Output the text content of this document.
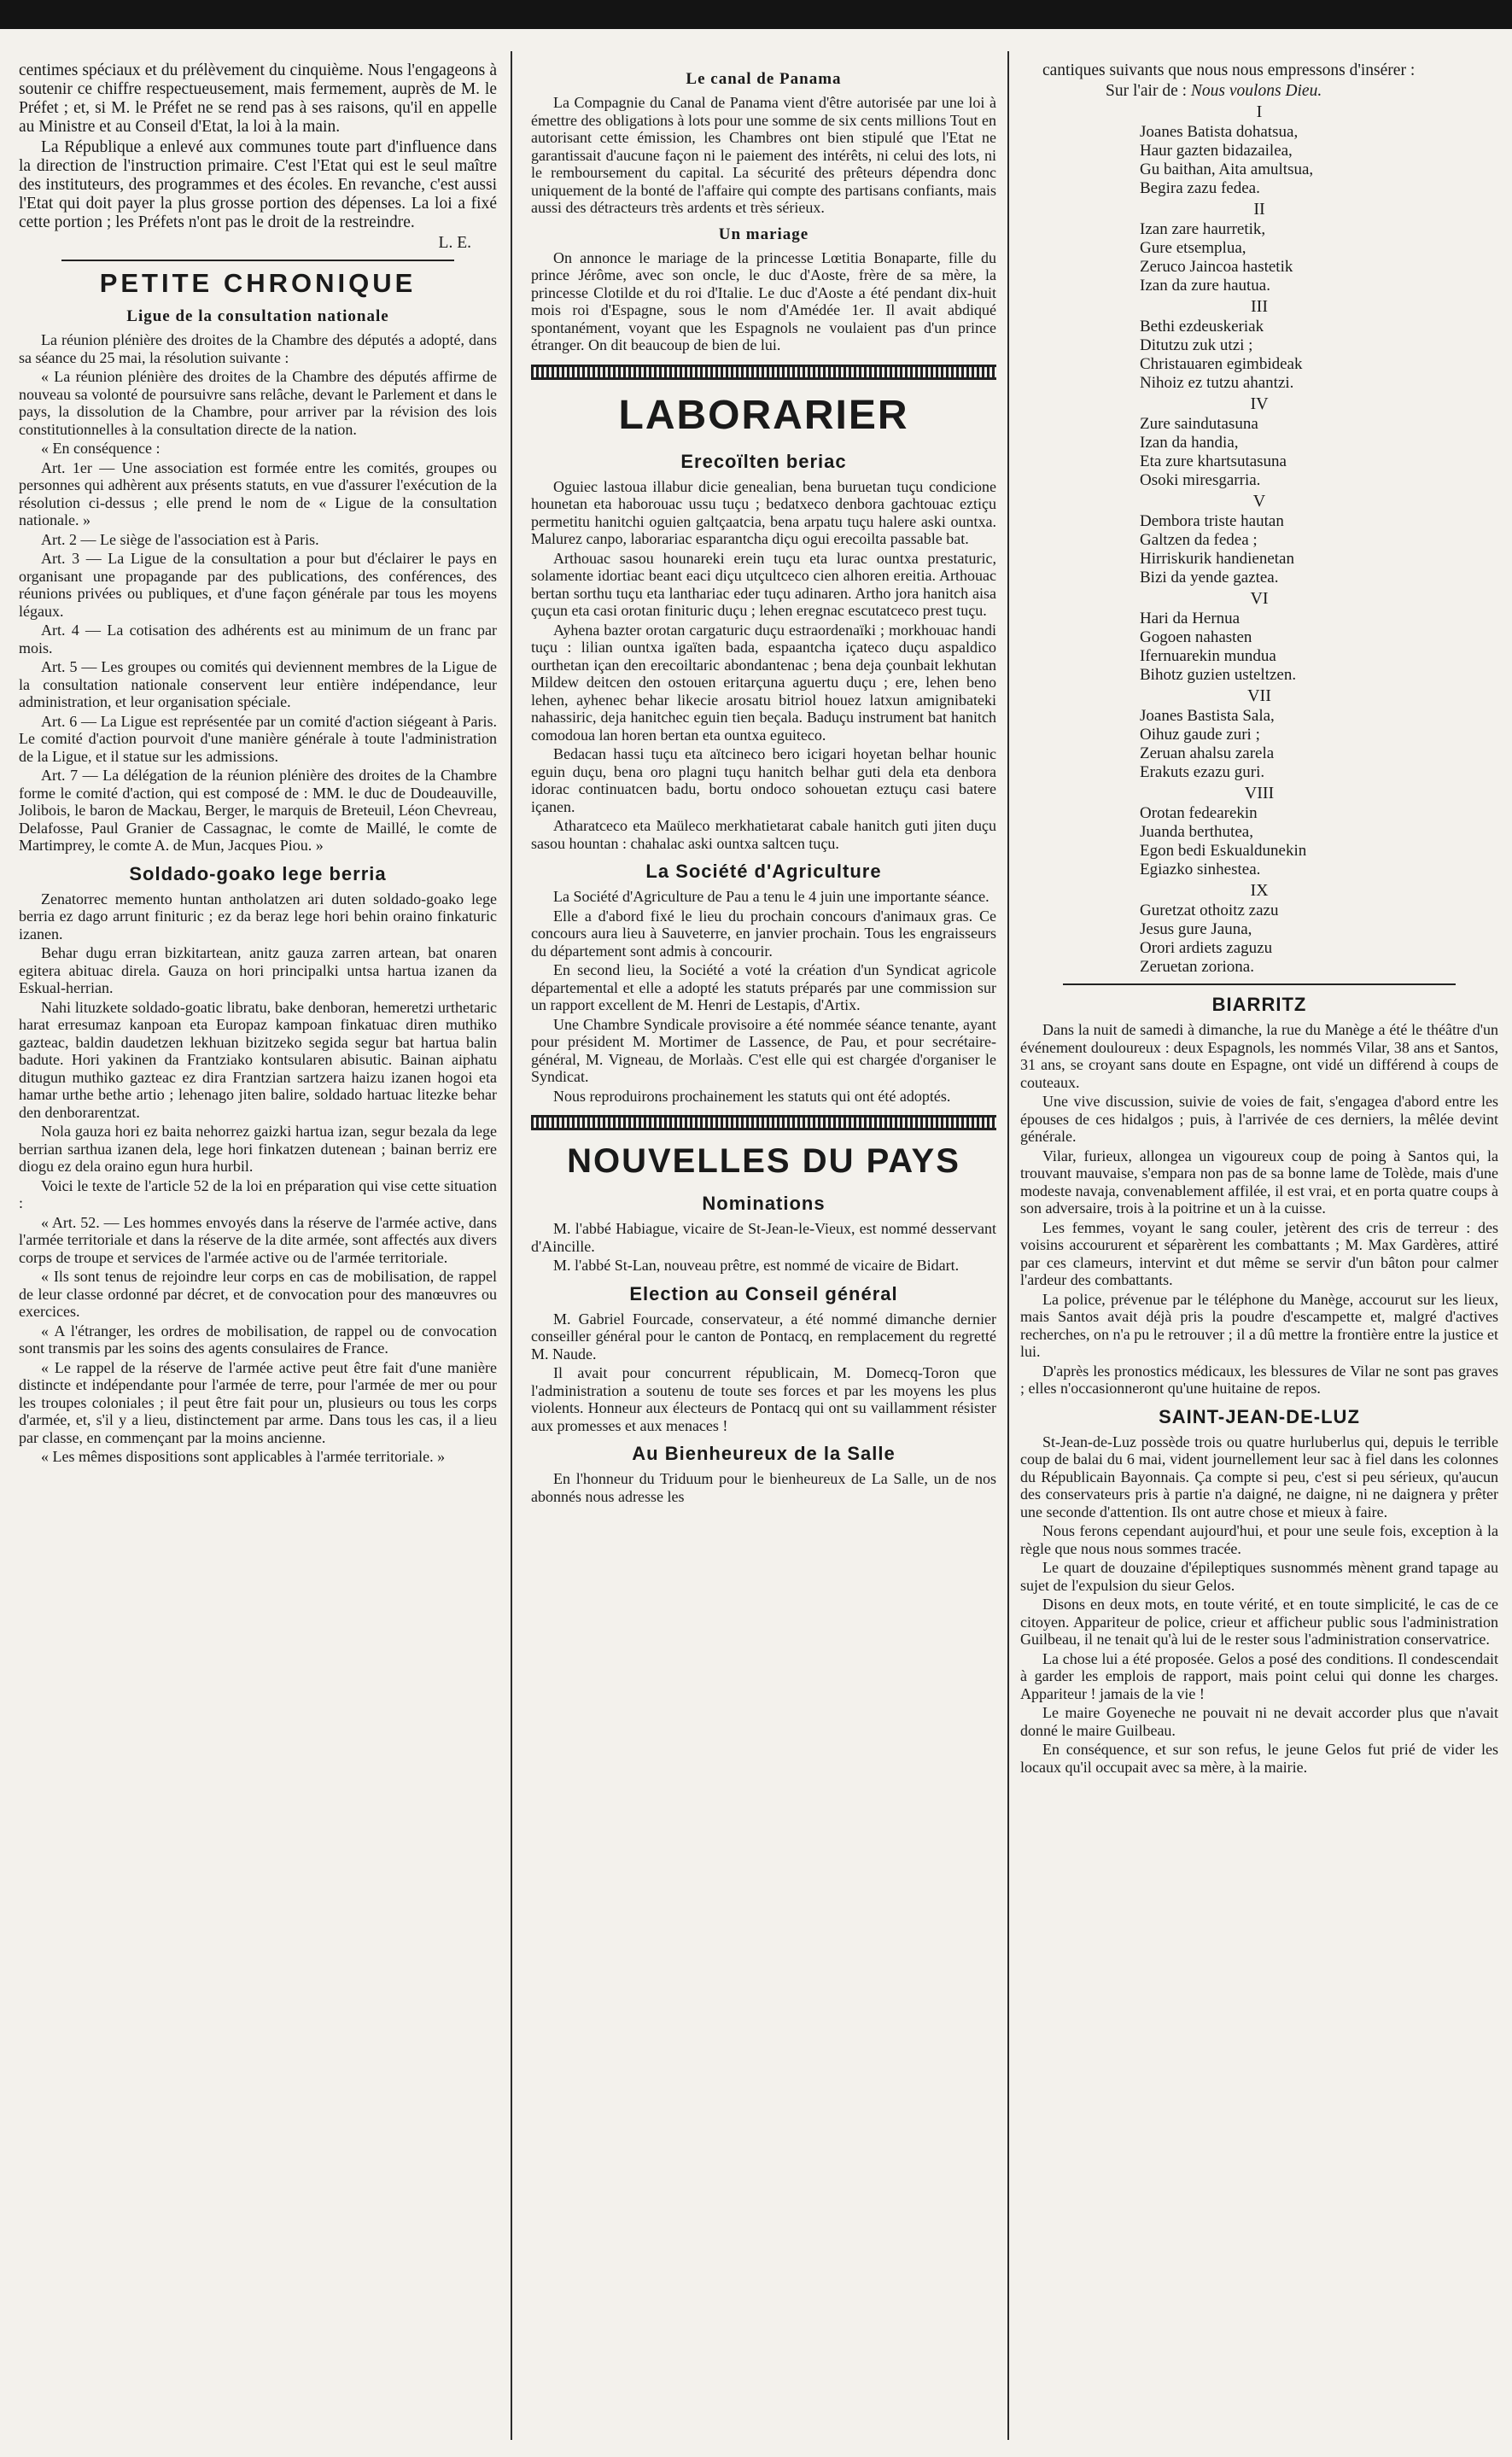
centimes spéciaux et du prélèvement du cinquième. Nous l'engageons à soutenir ce chiffre respectueusement, mais fermement, auprès de M. le Préfet ; et, si M. le Préfet ne se rend pas à ses raisons, qu'il en appelle au Ministre et au Conseil d'Etat, la loi à la main.

La République a enlevé aux communes toute part d'influence dans la direction de l'instruction primaire. C'est l'Etat qui est le seul maître des instituteurs, des programmes et des écoles. En revanche, c'est aussi l'Etat qui doit payer la plus grosse portion des dépenses. La loi a fixé cette portion ; les Préfets n'ont pas le droit de la restreindre.

L. E.

PETITE CHRONIQUE
Ligue de la consultation nationale

La réunion plénière des droites de la Chambre des députés a adopté, dans sa séance du 25 mai, la résolution suivante :

« La réunion plénière des droites de la Chambre des députés affirme de nouveau sa volonté de poursuivre sans relâche, devant le Parlement et dans le pays, la dissolution de la Chambre, pour arriver par la révision des lois constitutionnelles à la consultation directe de la nation.

« En conséquence :

Art. 1er — Une association est formée entre les comités, groupes ou personnes qui adhèrent aux présents statuts, en vue d'assurer l'exécution de la résolution ci-dessus ; elle prend le nom de « Ligue de la consultation nationale. »

Art. 2 — Le siège de l'association est à Paris.

Art. 3 — La Ligue de la consultation a pour but d'éclairer le pays en organisant une propagande par des publications, des conférences, des réunions privées ou publiques, et d'une façon générale par tous les moyens légaux.

Art. 4 — La cotisation des adhérents est au minimum de un franc par mois.

Art. 5 — Les groupes ou comités qui deviennent membres de la Ligue de la consultation nationale conservent leur entière indépendance, leur administration, et leur organisation spéciale.

Art. 6 — La Ligue est représentée par un comité d'action siégeant à Paris. Le comité d'action pourvoit d'une manière générale à toute l'administration de la Ligue, et il statue sur les admissions.

Art. 7 — La délégation de la réunion plénière des droites de la Chambre forme le comité d'action, qui est composé de : MM. le duc de Doudeauville, Jolibois, le baron de Mackau, Berger, le marquis de Breteuil, Léon Chevreau, Delafosse, Paul Granier de Cassagnac, le comte de Maillé, le comte de Martimprey, le comte A. de Mun, Jacques Piou. »

Soldado-goako lege berria

Zenatorrec memento huntan antholatzen ari duten soldado-goako lege berria ez dago arrunt finituric ; ez da beraz lege hori behin oraino finkaturic izanen.

Behar dugu erran bizkitartean, anitz gauza zarren artean, bat onaren egitera abituac direla. Gauza on hori principalki untsa hartua izanen da Eskual-herrian.

Nahi lituzkete soldado-goatic libratu, bake denboran, hemeretzi urthetaric harat erresumaz kanpoan eta Europaz kampoan finkatuac diren muthiko gazteac, baldin daudetzen lekhuan bizitzeko segida segur bat hartua balin badute. Hori yakinen da Frantziako kontsularen abisutic. Bainan aiphatu ditugun muthiko gazteac ez dira Frantzian sartzera haizu izanen hogoi eta hamar urthe bethe artio ; lehenago jiten balire, soldado hartuac litezke behar den denborarentzat.

Nola gauza hori ez baita nehorrez gaizki hartua izan, segur bezala da lege berrian sarthua izanen dela, lege hori finkatzen dutenean ; bainan berriz ere diogu ez dela oraino egun hura hurbil.

Voici le texte de l'article 52 de la loi en préparation qui vise cette situation :

« Art. 52. — Les hommes envoyés dans la réserve de l'armée active, dans l'armée territoriale et dans la réserve de la dite armée, sont affectés aux divers corps de troupe et services de l'armée active ou de l'armée territoriale.

« Ils sont tenus de rejoindre leur corps en cas de mobilisation, de rappel de leur classe ordonné par décret, et de convocation pour des manœuvres ou exercices.

« A l'étranger, les ordres de mobilisation, de rappel ou de convocation sont transmis par les soins des agents consulaires de France.

« Le rappel de la réserve de l'armée active peut être fait d'une manière distincte et indépendante pour l'armée de terre, pour l'armée de mer ou pour les troupes coloniales ; il peut être fait pour un, plusieurs ou tous les corps d'armée, et, s'il y a lieu, distinctement par arme. Dans tous les cas, il a lieu par classe, en commençant par la moins ancienne.

« Les mêmes dispositions sont applicables à l'armée territoriale. »

Le canal de Panama

La Compagnie du Canal de Panama vient d'être autorisée par une loi à émettre des obligations à lots pour une somme de six cents millions Tout en autorisant cette émission, les Chambres ont bien stipulé que l'Etat ne garantissait d'aucune façon ni le paiement des intérêts, ni celui des lots, ni le remboursement du capital. La sécurité des prêteurs dépendra donc uniquement de la bonté de l'affaire qui compte des partisans confiants, mais aussi des détracteurs très ardents et très sérieux.

Un mariage

On annonce le mariage de la princesse Lœtitia Bonaparte, fille du prince Jérôme, avec son oncle, le duc d'Aoste, frère de sa mère, la princesse Clotilde et du roi d'Italie. Le duc d'Aoste a été pendant dix-huit mois roi d'Espagne, sous le nom d'Amédée 1er. Il avait abdiqué spontanément, voyant que les Espagnols ne voulaient pas d'un prince étranger. On dit beaucoup de bien de lui.

LABORARIER
Erecoïlten beriac

Oguiec lastoua illabur dicie genealian, bena buruetan tuçu condicione hounetan eta haborouac ussu tuçu ; bedatxeco denbora gachtouac eztiçu permetitu hanitchi oguien galtçaatcia, bena arpatu tuçu halere aski ountxa. Malurez canpo, laborariac esparantcha diçu ogui erecoilta passable bat.

Arthouac sasou hounareki erein tuçu eta lurac ountxa prestaturic, solamente idortiac beant eaci diçu utçultceco cien alhoren ereitia. Arthouac bertan sorthu tuçu eta lanthariac eder tuçu adinaren. Artho jora hanitch aisa çuçun eta casi orotan finituric duçu ; lehen eregnac escutatceco prest tuçu.

Ayhena bazter orotan cargaturic duçu estraordenaïki ; morkhouac handi tuçu : lilian ountxa igaïten bada, espaantcha içateco duçu aspaldico ourthetan içan den erecoiltaric abondantenac ; bena deja çounbait lekhutan Mildew deitcen den ostouen eritarçuna aguertu duçu ; ere, lehen beno lehen, ayhenec behar likecie arosatu bitriol houez latxun amignibateki nahassiric, deja hanitchec eguin tien beçala. Baduçu instrument bat hanitch comodoua lan horen bertan eta ountxa eguiteco.

Bedacan hassi tuçu eta aïtcineco bero icigari hoyetan belhar hounic eguin duçu, bena oro plagni tuçu hanitch belhar guti dela eta denbora idorac continuatcen badu, bortu ondoco sohouetan eztuçu casi batere içanen.

Atharatceco eta Maüleco merkhatietarat cabale hanitch guti jiten duçu sasou hountan : chahalac aski ountxa saltcen tuçu.

La Société d'Agriculture

La Société d'Agriculture de Pau a tenu le 4 juin une importante séance.

Elle a d'abord fixé le lieu du prochain concours d'animaux gras. Ce concours aura lieu à Sauveterre, en janvier prochain. Tous les engraisseurs du département sont admis à concourir.

En second lieu, la Société a voté la création d'un Syndicat agricole départemental et elle a adopté les statuts préparés par une commission sur un rapport excellent de M. Henri de Lestapis, d'Artix.

Une Chambre Syndicale provisoire a été nommée séance tenante, ayant pour président M. Mortimer de Lassence, de Pau, et pour secrétaire-général, M. Vigneau, de Morlaàs. C'est elle qui est chargée d'organiser le Syndicat.

Nous reproduirons prochainement les statuts qui ont été adoptés.

NOUVELLES DU PAYS
Nominations

M. l'abbé Habiague, vicaire de St-Jean-le-Vieux, est nommé desservant d'Aincille.

M. l'abbé St-Lan, nouveau prêtre, est nommé de vicaire de Bidart.

Election au Conseil général

M. Gabriel Fourcade, conservateur, a été nommé dimanche dernier conseiller général pour le canton de Pontacq, en remplacement du regretté M. Naude.

Il avait pour concurrent républicain, M. Domecq-Toron que l'administration a soutenu de toute ses forces et par les moyens les plus violents. Honneur aux électeurs de Pontacq qui ont su vaillamment résister aux promesses et aux menaces !

Au Bienheureux de la Salle

En l'honneur du Triduum pour le bienheureux de La Salle, un de nos abonnés nous adresse les

cantiques suivants que nous nous empressons d'insérer :

Sur l'air de : Nous voulons Dieu.

I

Joanes Batista dohatsua,

Haur gazten bidazailea,

Gu baithan, Aita amultsua,

Begira zazu fedea.

II

Izan zare haurretik,

Gure etsemplua,

Zeruco Jaincoa hastetik

Izan da zure hautua.

III

Bethi ezdeuskeriak

Ditutzu zuk utzi ;

Christauaren egimbideak

Nihoiz ez tutzu ahantzi.

IV

Zure saindutasuna

Izan da handia,

Eta zure khartsutasuna

Osoki miresgarria.

V

Dembora triste hautan

Galtzen da fedea ;

Hirriskurik handienetan

Bizi da yende gaztea.

VI

Hari da Hernua

Gogoen nahasten

Ifernuarekin mundua

Bihotz guzien usteltzen.

VII

Joanes Bastista Sala,

Oihuz gaude zuri ;

Zeruan ahalsu zarela

Erakuts ezazu guri.

VIII

Orotan fedearekin

Juanda berthutea,

Egon bedi Eskualdunekin

Egiazko sinhestea.

IX

Guretzat othoitz zazu

Jesus gure Jauna,

Orori ardiets zaguzu

Zeruetan zoriona.

BIARRITZ

Dans la nuit de samedi à dimanche, la rue du Manège a été le théâtre d'un événement douloureux : deux Espagnols, les nommés Vilar, 38 ans et Santos, 31 ans, se croyant sans doute en Espagne, ont vidé un différend à coups de couteaux.

Une vive discussion, suivie de voies de fait, s'engagea d'abord entre les épouses de ces hidalgos ; puis, à l'arrivée de ces derniers, la mêlée devint générale.

Vilar, furieux, allongea un vigoureux coup de poing à Santos qui, la trouvant mauvaise, s'empara non pas de sa bonne lame de Tolède, mais d'une modeste navaja, convenablement affilée, il est vrai, et en porta quatre coups à son adversaire, trois à la poitrine et un à la cuisse.

Les femmes, voyant le sang couler, jetèrent des cris de terreur : des voisins accoururent et séparèrent les combattants ; M. Max Gardères, attiré par ces clameurs, intervint et dut même se servir d'un bâton pour calmer l'ardeur des combattants.

La police, prévenue par le téléphone du Manège, accourut sur les lieux, mais Santos avait déjà pris la poudre d'escampette et, malgré d'actives recherches, on n'a pu le retrouver ; il a dû mettre la frontière entre la justice et lui.

D'après les pronostics médicaux, les blessures de Vilar ne sont pas graves ; elles n'occasionneront qu'une huitaine de repos.

SAINT-JEAN-DE-LUZ

St-Jean-de-Luz possède trois ou quatre hurluberlus qui, depuis le terrible coup de balai du 6 mai, vident journellement leur sac à fiel dans les colonnes du Républicain Bayonnais. Ça compte si peu, c'est si peu sérieux, qu'aucun des conservateurs pris à partie n'a daigné, ne daigne, ni ne daignera y prêter une seconde d'attention. Ils ont autre chose et mieux à faire.

Nous ferons cependant aujourd'hui, et pour une seule fois, exception à la règle que nous nous sommes tracée.

Le quart de douzaine d'épileptiques susnommés mènent grand tapage au sujet de l'expulsion du sieur Gelos.

Disons en deux mots, en toute vérité, et en toute simplicité, le cas de ce citoyen. Appariteur de police, crieur et afficheur public sous l'administration Guilbeau, il ne tenait qu'à lui de le rester sous l'administration conservatrice.

La chose lui a été proposée. Gelos a posé des conditions. Il condescendait à garder les emplois de rapport, mais point celui qui donne les charges. Appariteur ! jamais de la vie !

Le maire Goyeneche ne pouvait ni ne devait accorder plus que n'avait donné le maire Guilbeau.

En conséquence, et sur son refus, le jeune Gelos fut prié de vider les locaux qu'il occupait avec sa mère, à la mairie.
